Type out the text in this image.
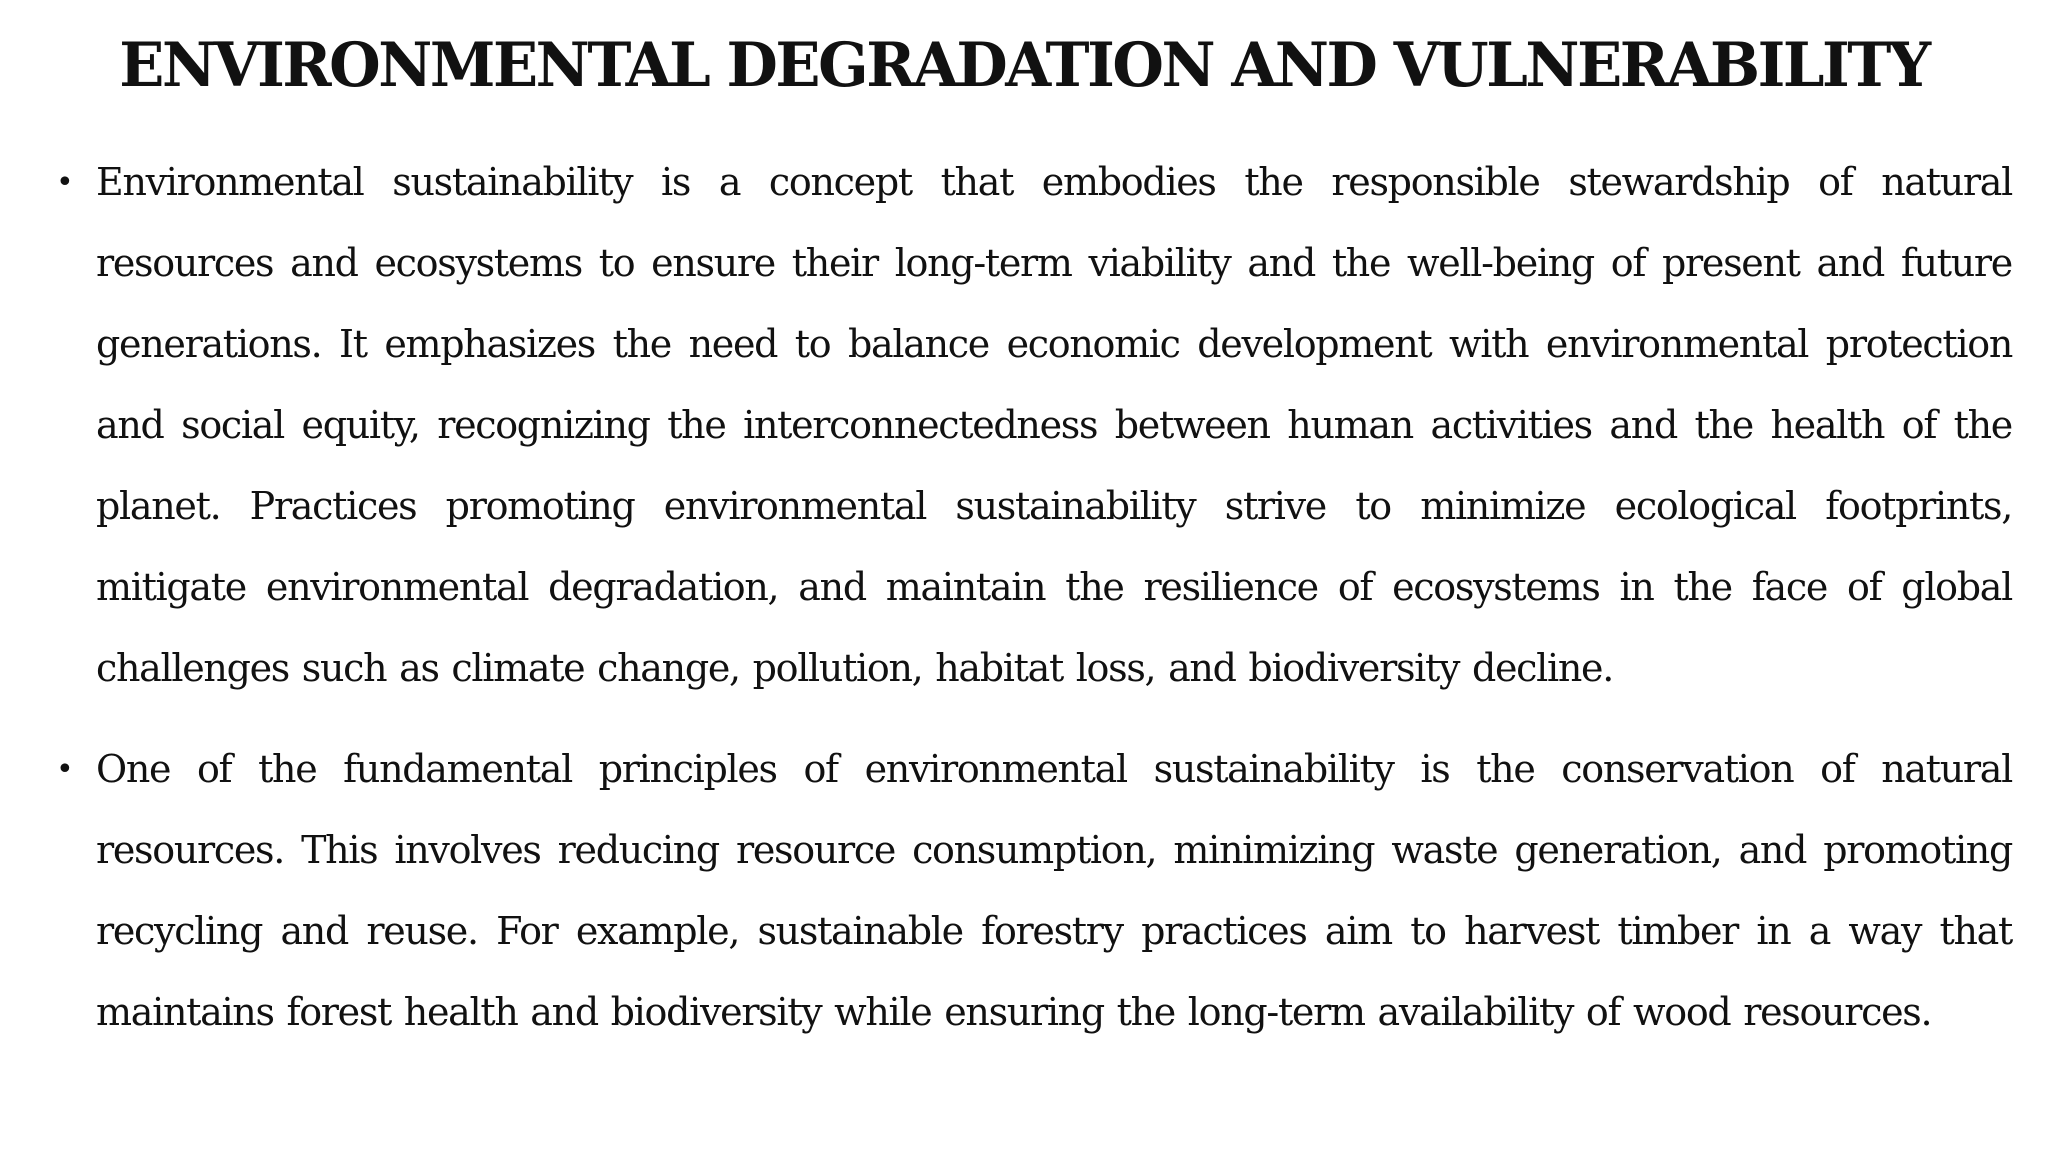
ENVIRONMENTAL DEGRADATION AND VULNERABILITY
• Environmental sustainability is a concept that embodies the responsible stewardship of natural resources and ecosystems to ensure their long-term viability and the well-being of present and future generations. It emphasizes the need to balance economic development with environmental protection and social equity, recognizing the interconnectedness between human activities and the health of the planet. Practices promoting environmental sustainability strive to minimize ecological footprints, mitigate environmental degradation, and maintain the resilience of ecosystems in the face of global challenges such as climate change, pollution, habitat loss, and biodiversity decline.
• One of the fundamental principles of environmental sustainability is the conservation of natural resources. This involves reducing resource consumption, minimizing waste generation, and promoting recycling and reuse. For example, sustainable forestry practices aim to harvest timber in a way that maintains forest health and biodiversity while ensuring the long-term availability of wood resources.
